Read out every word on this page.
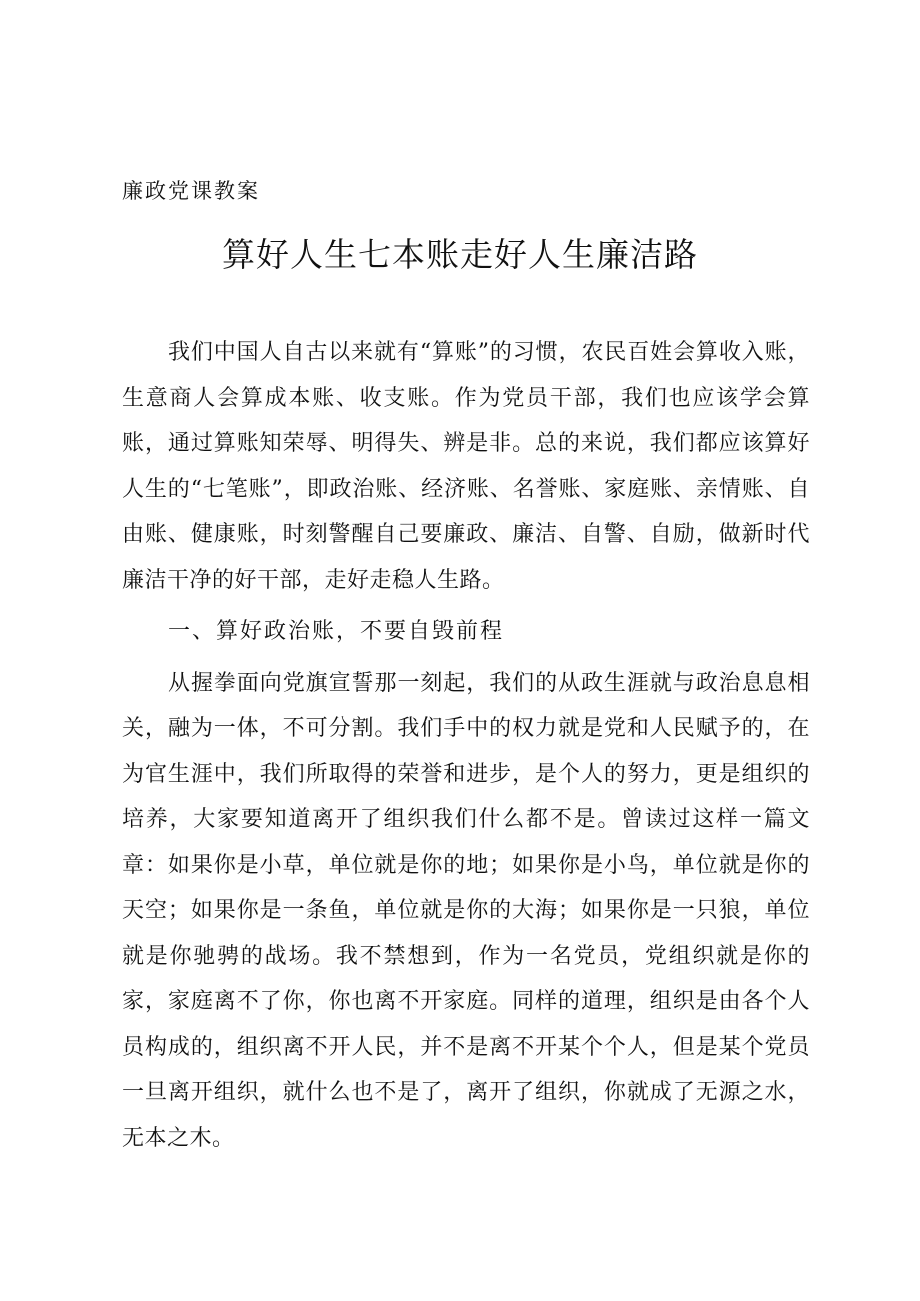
廉政党课教案
算好人生七本账走好人生廉洁路

我们中国人自古以来就有“算账”的习惯，农民百姓会算收入账，生意商人会算成本账、收支账。作为党员干部，我们也应该学会算账，通过算账知荣辱、明得失、辨是非。总的来说，我们都应该算好人生的“七笔账”，即政治账、经济账、名誉账、家庭账、亲情账、自由账、健康账，时刻警醒自己要廉政、廉洁、自警、自励，做新时代廉洁干净的好干部，走好走稳人生路。

一、算好政治账，不要自毁前程

从握拳面向党旗宣誓那一刻起，我们的从政生涯就与政治息息相关，融为一体，不可分割。我们手中的权力就是党和人民赋予的，在为官生涯中，我们所取得的荣誉和进步，是个人的努力，更是组织的培养，大家要知道离开了组织我们什么都不是。曾读过这样一篇文章：如果你是小草，单位就是你的地；如果你是小鸟，单位就是你的天空；如果你是一条鱼，单位就是你的大海；如果你是一只狼，单位就是你驰骋的战场。我不禁想到，作为一名党员，党组织就是你的家，家庭离不了你，你也离不开家庭。同样的道理，组织是由各个人员构成的，组织离不开人民，并不是离不开某个个人，但是某个党员一旦离开组织，就什么也不是了，离开了组织，你就成了无源之水，无本之木。
